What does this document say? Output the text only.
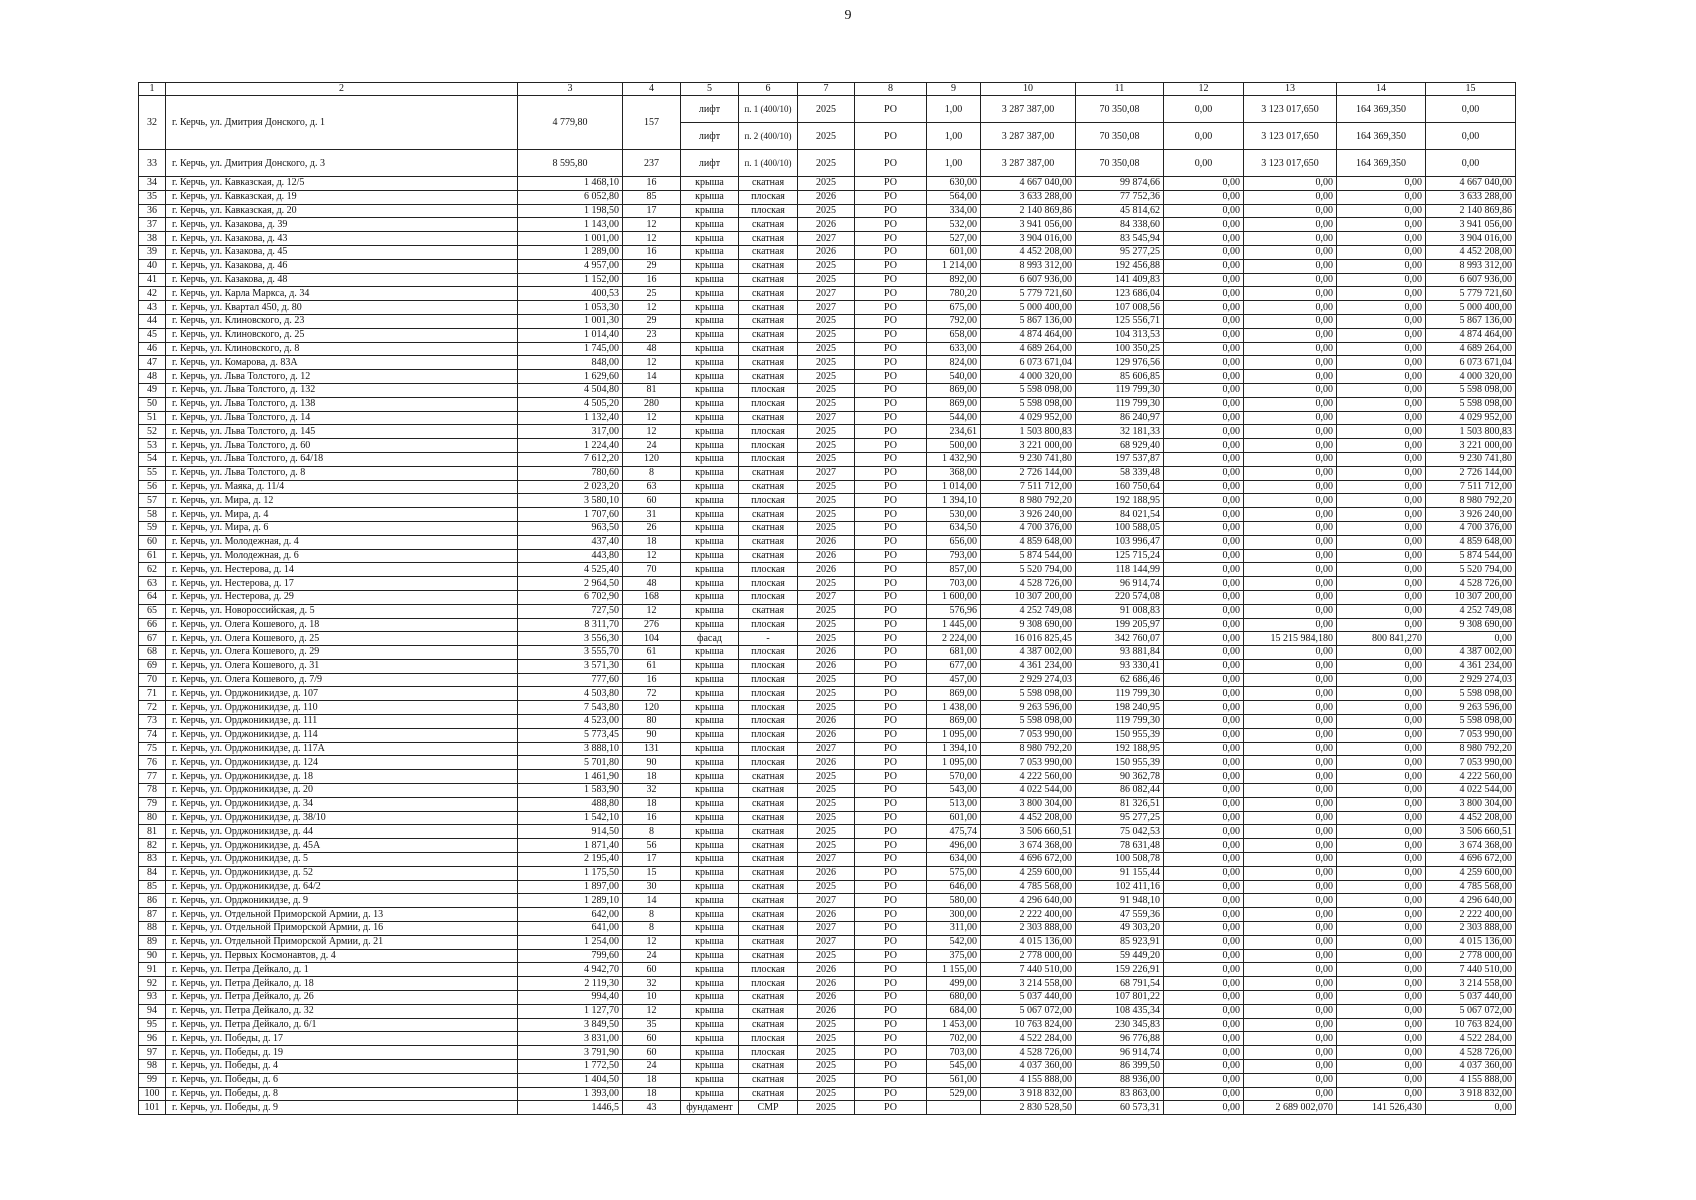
9
1	2	3	4	5	6	7	8	9	10	11	12	13	14	15
32	г. Керчь, ул. Дмитрия Донского, д. 1	4 779,80	157	лифт	п. 1 (400/10)	2025	РО	1,00	3 287 387,00	70 350,08	0,00	3 123 017,650	164 369,350	0,00
				лифт	п. 2 (400/10)	2025	РО	1,00	3 287 387,00	70 350,08	0,00	3 123 017,650	164 369,350	0,00
33	г. Керчь, ул. Дмитрия Донского, д. 3	8 595,80	237	лифт	п. 1 (400/10)	2025	РО	1,00	3 287 387,00	70 350,08	0,00	3 123 017,650	164 369,350	0,00
34	г. Керчь, ул. Кавказская, д. 12/5	1 468,10	16	крыша	скатная	2025	РО	630,00	4 667 040,00	99 874,66	0,00	0,00	0,00	4 667 040,00
35	г. Керчь, ул. Кавказская, д. 19	6 052,80	85	крыша	плоская	2026	РО	564,00	3 633 288,00	77 752,36	0,00	0,00	0,00	3 633 288,00
36	г. Керчь, ул. Кавказская, д. 20	1 198,50	17	крыша	плоская	2025	РО	334,00	2 140 869,86	45 814,62	0,00	0,00	0,00	2 140 869,86
37	г. Керчь, ул. Казакова, д. 39	1 143,00	12	крыша	скатная	2026	РО	532,00	3 941 056,00	84 338,60	0,00	0,00	0,00	3 941 056,00
38	г. Керчь, ул. Казакова, д. 43	1 001,00	12	крыша	скатная	2027	РО	527,00	3 904 016,00	83 545,94	0,00	0,00	0,00	3 904 016,00
39	г. Керчь, ул. Казакова, д. 45	1 289,00	16	крыша	скатная	2026	РО	601,00	4 452 208,00	95 277,25	0,00	0,00	0,00	4 452 208,00
40	г. Керчь, ул. Казакова, д. 46	4 957,00	29	крыша	скатная	2025	РО	1 214,00	8 993 312,00	192 456,88	0,00	0,00	0,00	8 993 312,00
41	г. Керчь, ул. Казакова, д. 48	1 152,00	16	крыша	скатная	2025	РО	892,00	6 607 936,00	141 409,83	0,00	0,00	0,00	6 607 936,00
42	г. Керчь, ул. Карла Маркса, д. 34	400,53	25	крыша	скатная	2027	РО	780,20	5 779 721,60	123 686,04	0,00	0,00	0,00	5 779 721,60
43	г. Керчь, ул. Квартал 450, д. 80	1 053,30	12	крыша	скатная	2027	РО	675,00	5 000 400,00	107 008,56	0,00	0,00	0,00	5 000 400,00
44	г. Керчь, ул. Клиновского, д. 23	1 001,30	29	крыша	скатная	2025	РО	792,00	5 867 136,00	125 556,71	0,00	0,00	0,00	5 867 136,00
45	г. Керчь, ул. Клиновского, д. 25	1 014,40	23	крыша	скатная	2025	РО	658,00	4 874 464,00	104 313,53	0,00	0,00	0,00	4 874 464,00
46	г. Керчь, ул. Клиновского, д. 8	1 745,00	48	крыша	скатная	2025	РО	633,00	4 689 264,00	100 350,25	0,00	0,00	0,00	4 689 264,00
47	г. Керчь, ул. Комарова, д. 83А	848,00	12	крыша	скатная	2025	РО	824,00	6 073 671,04	129 976,56	0,00	0,00	0,00	6 073 671,04
48	г. Керчь, ул. Льва Толстого, д. 12	1 629,60	14	крыша	скатная	2025	РО	540,00	4 000 320,00	85 606,85	0,00	0,00	0,00	4 000 320,00
49	г. Керчь, ул. Льва Толстого, д. 132	4 504,80	81	крыша	плоская	2025	РО	869,00	5 598 098,00	119 799,30	0,00	0,00	0,00	5 598 098,00
50	г. Керчь, ул. Льва Толстого, д. 138	4 505,20	280	крыша	плоская	2025	РО	869,00	5 598 098,00	119 799,30	0,00	0,00	0,00	5 598 098,00
51	г. Керчь, ул. Льва Толстого, д. 14	1 132,40	12	крыша	скатная	2027	РО	544,00	4 029 952,00	86 240,97	0,00	0,00	0,00	4 029 952,00
52	г. Керчь, ул. Льва Толстого, д. 145	317,00	12	крыша	плоская	2025	РО	234,61	1 503 800,83	32 181,33	0,00	0,00	0,00	1 503 800,83
53	г. Керчь, ул. Льва Толстого, д. 60	1 224,40	24	крыша	плоская	2025	РО	500,00	3 221 000,00	68 929,40	0,00	0,00	0,00	3 221 000,00
54	г. Керчь, ул. Льва Толстого, д. 64/18	7 612,20	120	крыша	плоская	2025	РО	1 432,90	9 230 741,80	197 537,87	0,00	0,00	0,00	9 230 741,80
55	г. Керчь, ул. Льва Толстого, д. 8	780,60	8	крыша	скатная	2027	РО	368,00	2 726 144,00	58 339,48	0,00	0,00	0,00	2 726 144,00
56	г. Керчь, ул. Маяка, д. 11/4	2 023,20	63	крыша	скатная	2025	РО	1 014,00	7 511 712,00	160 750,64	0,00	0,00	0,00	7 511 712,00
57	г. Керчь, ул. Мира, д. 12	3 580,10	60	крыша	плоская	2025	РО	1 394,10	8 980 792,20	192 188,95	0,00	0,00	0,00	8 980 792,20
58	г. Керчь, ул. Мира, д. 4	1 707,60	31	крыша	скатная	2025	РО	530,00	3 926 240,00	84 021,54	0,00	0,00	0,00	3 926 240,00
59	г. Керчь, ул. Мира, д. 6	963,50	26	крыша	скатная	2025	РО	634,50	4 700 376,00	100 588,05	0,00	0,00	0,00	4 700 376,00
60	г. Керчь, ул. Молодежная, д. 4	437,40	18	крыша	скатная	2026	РО	656,00	4 859 648,00	103 996,47	0,00	0,00	0,00	4 859 648,00
61	г. Керчь, ул. Молодежная, д. 6	443,80	12	крыша	скатная	2026	РО	793,00	5 874 544,00	125 715,24	0,00	0,00	0,00	5 874 544,00
62	г. Керчь, ул. Нестерова, д. 14	4 525,40	70	крыша	плоская	2026	РО	857,00	5 520 794,00	118 144,99	0,00	0,00	0,00	5 520 794,00
63	г. Керчь, ул. Нестерова, д. 17	2 964,50	48	крыша	плоская	2025	РО	703,00	4 528 726,00	96 914,74	0,00	0,00	0,00	4 528 726,00
64	г. Керчь, ул. Нестерова, д. 29	6 702,90	168	крыша	плоская	2027	РО	1 600,00	10 307 200,00	220 574,08	0,00	0,00	0,00	10 307 200,00
65	г. Керчь, ул. Новороссийская, д. 5	727,50	12	крыша	скатная	2025	РО	576,96	4 252 749,08	91 008,83	0,00	0,00	0,00	4 252 749,08
66	г. Керчь, ул. Олега Кошевого, д. 18	8 311,70	276	крыша	плоская	2025	РО	1 445,00	9 308 690,00	199 205,97	0,00	0,00	0,00	9 308 690,00
67	г. Керчь, ул. Олега Кошевого, д. 25	3 556,30	104	фасад	-	2025	РО	2 224,00	16 016 825,45	342 760,07	0,00	15 215 984,180	800 841,270	0,00
68	г. Керчь, ул. Олега Кошевого, д. 29	3 555,70	61	крыша	плоская	2026	РО	681,00	4 387 002,00	93 881,84	0,00	0,00	0,00	4 387 002,00
69	г. Керчь, ул. Олега Кошевого, д. 31	3 571,30	61	крыша	плоская	2026	РО	677,00	4 361 234,00	93 330,41	0,00	0,00	0,00	4 361 234,00
70	г. Керчь, ул. Олега Кошевого, д. 7/9	777,60	16	крыша	плоская	2025	РО	457,00	2 929 274,03	62 686,46	0,00	0,00	0,00	2 929 274,03
71	г. Керчь, ул. Орджоникидзе, д. 107	4 503,80	72	крыша	плоская	2025	РО	869,00	5 598 098,00	119 799,30	0,00	0,00	0,00	5 598 098,00
72	г. Керчь, ул. Орджоникидзе, д. 110	7 543,80	120	крыша	плоская	2025	РО	1 438,00	9 263 596,00	198 240,95	0,00	0,00	0,00	9 263 596,00
73	г. Керчь, ул. Орджоникидзе, д. 111	4 523,00	80	крыша	плоская	2026	РО	869,00	5 598 098,00	119 799,30	0,00	0,00	0,00	5 598 098,00
74	г. Керчь, ул. Орджоникидзе, д. 114	5 773,45	90	крыша	плоская	2026	РО	1 095,00	7 053 990,00	150 955,39	0,00	0,00	0,00	7 053 990,00
75	г. Керчь, ул. Орджоникидзе, д. 117А	3 888,10	131	крыша	плоская	2027	РО	1 394,10	8 980 792,20	192 188,95	0,00	0,00	0,00	8 980 792,20
76	г. Керчь, ул. Орджоникидзе, д. 124	5 701,80	90	крыша	плоская	2026	РО	1 095,00	7 053 990,00	150 955,39	0,00	0,00	0,00	7 053 990,00
77	г. Керчь, ул. Орджоникидзе, д. 18	1 461,90	18	крыша	скатная	2025	РО	570,00	4 222 560,00	90 362,78	0,00	0,00	0,00	4 222 560,00
78	г. Керчь, ул. Орджоникидзе, д. 20	1 583,90	32	крыша	скатная	2025	РО	543,00	4 022 544,00	86 082,44	0,00	0,00	0,00	4 022 544,00
79	г. Керчь, ул. Орджоникидзе, д. 34	488,80	18	крыша	скатная	2025	РО	513,00	3 800 304,00	81 326,51	0,00	0,00	0,00	3 800 304,00
80	г. Керчь, ул. Орджоникидзе, д. 38/10	1 542,10	16	крыша	скатная	2025	РО	601,00	4 452 208,00	95 277,25	0,00	0,00	0,00	4 452 208,00
81	г. Керчь, ул. Орджоникидзе, д. 44	914,50	8	крыша	скатная	2025	РО	475,74	3 506 660,51	75 042,53	0,00	0,00	0,00	3 506 660,51
82	г. Керчь, ул. Орджоникидзе, д. 45А	1 871,40	56	крыша	скатная	2025	РО	496,00	3 674 368,00	78 631,48	0,00	0,00	0,00	3 674 368,00
83	г. Керчь, ул. Орджоникидзе, д. 5	2 195,40	17	крыша	скатная	2027	РО	634,00	4 696 672,00	100 508,78	0,00	0,00	0,00	4 696 672,00
84	г. Керчь, ул. Орджоникидзе, д. 52	1 175,50	15	крыша	скатная	2026	РО	575,00	4 259 600,00	91 155,44	0,00	0,00	0,00	4 259 600,00
85	г. Керчь, ул. Орджоникидзе, д. 64/2	1 897,00	30	крыша	скатная	2025	РО	646,00	4 785 568,00	102 411,16	0,00	0,00	0,00	4 785 568,00
86	г. Керчь, ул. Орджоникидзе, д. 9	1 289,10	14	крыша	скатная	2027	РО	580,00	4 296 640,00	91 948,10	0,00	0,00	0,00	4 296 640,00
87	г. Керчь, ул. Отдельной Приморской Армии, д. 13	642,00	8	крыша	скатная	2026	РО	300,00	2 222 400,00	47 559,36	0,00	0,00	0,00	2 222 400,00
88	г. Керчь, ул. Отдельной Приморской Армии, д. 16	641,00	8	крыша	скатная	2027	РО	311,00	2 303 888,00	49 303,20	0,00	0,00	0,00	2 303 888,00
89	г. Керчь, ул. Отдельной Приморской Армии, д. 21	1 254,00	12	крыша	скатная	2027	РО	542,00	4 015 136,00	85 923,91	0,00	0,00	0,00	4 015 136,00
90	г. Керчь, ул. Первых Космонавтов, д. 4	799,60	24	крыша	скатная	2025	РО	375,00	2 778 000,00	59 449,20	0,00	0,00	0,00	2 778 000,00
91	г. Керчь, ул. Петра Дейкало, д. 1	4 942,70	60	крыша	плоская	2026	РО	1 155,00	7 440 510,00	159 226,91	0,00	0,00	0,00	7 440 510,00
92	г. Керчь, ул. Петра Дейкало, д. 18	2 119,30	32	крыша	плоская	2026	РО	499,00	3 214 558,00	68 791,54	0,00	0,00	0,00	3 214 558,00
93	г. Керчь, ул. Петра Дейкало, д. 26	994,40	10	крыша	скатная	2026	РО	680,00	5 037 440,00	107 801,22	0,00	0,00	0,00	5 037 440,00
94	г. Керчь, ул. Петра Дейкало, д. 32	1 127,70	12	крыша	скатная	2026	РО	684,00	5 067 072,00	108 435,34	0,00	0,00	0,00	5 067 072,00
95	г. Керчь, ул. Петра Дейкало, д. 6/1	3 849,50	35	крыша	скатная	2025	РО	1 453,00	10 763 824,00	230 345,83	0,00	0,00	0,00	10 763 824,00
96	г. Керчь, ул. Победы, д. 17	3 831,00	60	крыша	плоская	2025	РО	702,00	4 522 284,00	96 776,88	0,00	0,00	0,00	4 522 284,00
97	г. Керчь, ул. Победы, д. 19	3 791,90	60	крыша	плоская	2025	РО	703,00	4 528 726,00	96 914,74	0,00	0,00	0,00	4 528 726,00
98	г. Керчь, ул. Победы, д. 4	1 772,50	24	крыша	скатная	2025	РО	545,00	4 037 360,00	86 399,50	0,00	0,00	0,00	4 037 360,00
99	г. Керчь, ул. Победы, д. 6	1 404,50	18	крыша	скатная	2025	РО	561,00	4 155 888,00	88 936,00	0,00	0,00	0,00	4 155 888,00
100	г. Керчь, ул. Победы, д. 8	1 393,00	18	крыша	скатная	2025	РО	529,00	3 918 832,00	83 863,00	0,00	0,00	0,00	3 918 832,00
101	г. Керчь, ул. Победы, д. 9	1446,5	43	фундамент	СМР	2025	РО		2 830 528,50	60 573,31	0,00	2 689 002,070	141 526,430	0,00
